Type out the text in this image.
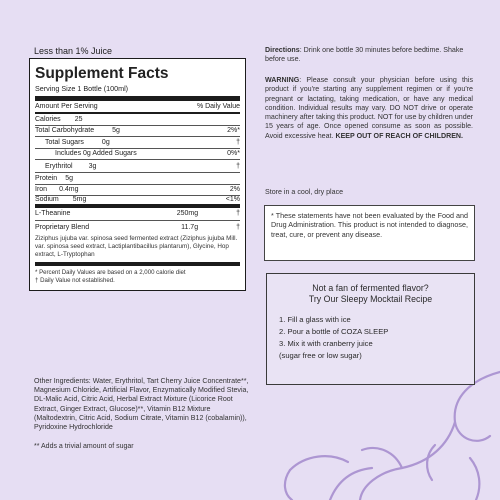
Less than 1% Juice
Supplement Facts
Serving Size 1 Bottle (100ml)
Amount Per Serving	% Daily Value
Calories 25
Total Carbohydrate	5g	2%*
Total Sugars	0g	†
Includes 0g Added Sugars	0%*
Erythritol 3g	†
Protein 5g
Iron 0.4mg	2%
Sodium 5mg	<1%
L-Theanine	250mg	†
Proprietary Blend	11.7g	†
Ziziphus jujuba var. spinosa seed fermented extract (Ziziphus jujuba Mill. var. spinosa seed extract, Lactiplantibacillus plantarum), Glycine, Hop extract, L-Tryptophan
* Percent Daily Values are based on a 2,000 calorie diet
† Daily Value not established.
Other Ingredients: Water, Erythritol, Tart Cherry Juice Concentrate**, Magnesium Chloride, Artificial Flavor, Enzymatically Modified Stevia, DL-Malic Acid, Citric Acid, Herbal Extract Mixture (Licorice Root Extract, Ginger Extract, Glucose)**, Vitamin B12 Mixture (Maltodextrin, Citric Acid, Sodium Citrate, Vitamin B12 (cobalamin)), Pyridoxine Hydrochloride
** Adds a trivial amount of sugar
Directions: Drink one bottle 30 minutes before bedtime. Shake before use.
WARNING: Please consult your physician before using this product if you're starting any supplement regimen or if you're pregnant or lactating, taking medication, or have any medical condition. Individual results may vary. DO NOT drive or operate machinery after taking this product. NOT for use by children under 15 years of age. Once opened consume as soon as possible. Avoid excessive heat. KEEP OUT OF REACH OF CHILDREN.
Store in a cool, dry place
* These statements have not been evaluated by the Food and Drug Administration. This product is not intended to diagnose, treat, cure, or prevent any disease.
Not a fan of fermented flavor?
Try Our Sleepy Mocktail Recipe
1. Fill a glass with ice
2. Pour a bottle of COZA SLEEP
3. Mix it with cranberry juice
(sugar free or low sugar)
